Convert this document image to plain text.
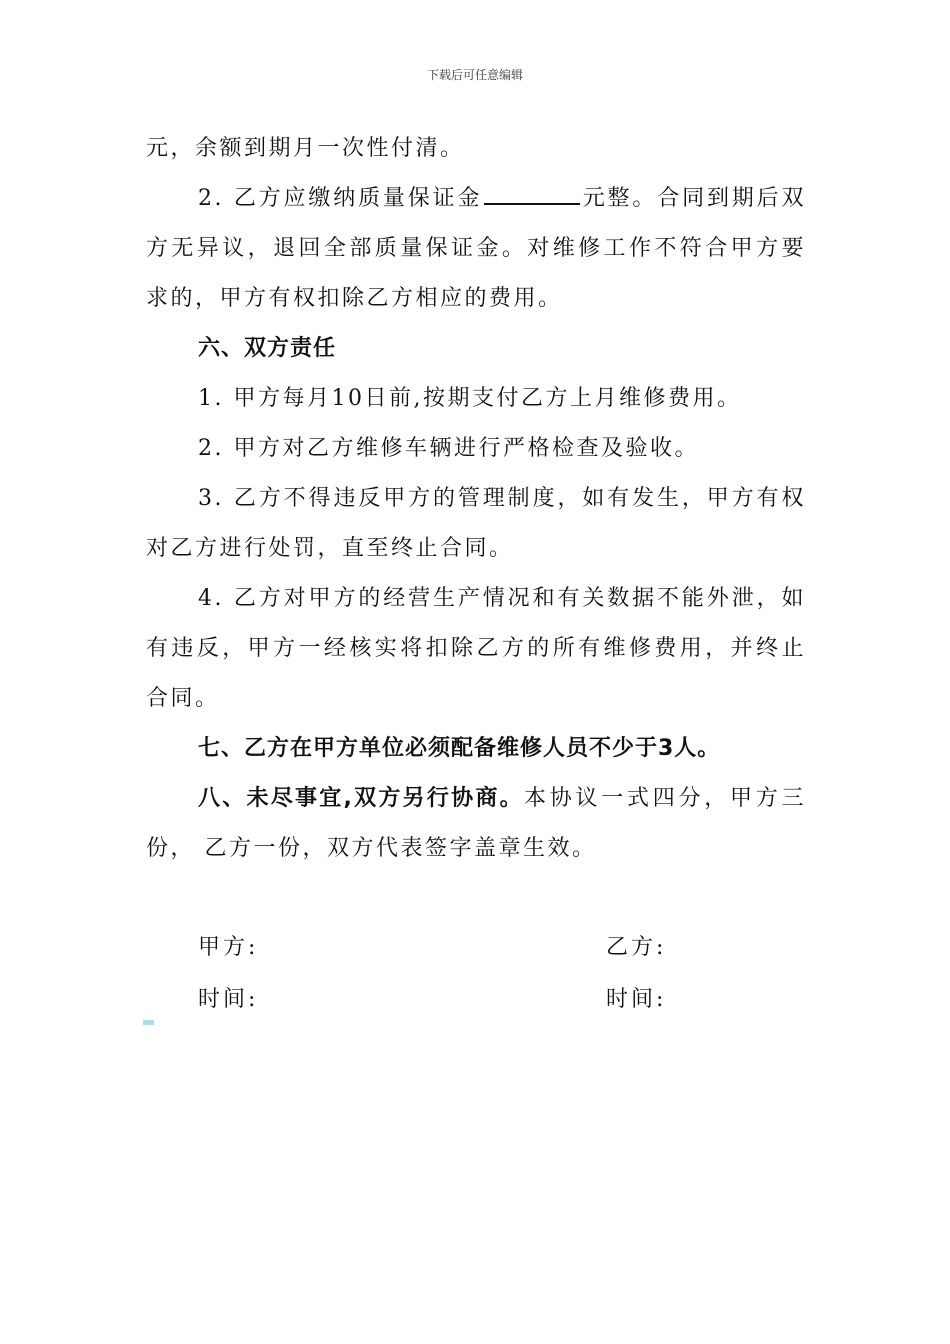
下载后可任意编辑

元，余额到期月一次性付清。

2. 乙方应缴纳质量保证金	元整。合同到期后双方无异议，退回全部质量保证金。对维修工作不符合甲方要求的，甲方有权扣除乙方相应的费用。

六、双方责任

1. 甲方每月10日前,按期支付乙方上月维修费用。

2. 甲方对乙方维修车辆进行严格检查及验收。

3. 乙方不得违反甲方的管理制度，如有发生，甲方有权对乙方进行处罚，直至终止合同。

4. 乙方对甲方的经营生产情况和有关数据不能外泄，如有违反，甲方一经核实将扣除乙方的所有维修费用，并终止合同。

七、乙方在甲方单位必须配备维修人员不少于3人。

八、未尽事宜,双方另行协商。本协议一式四分，甲方三份， 乙方一份，双方代表签字盖章生效。

甲方:	乙方:
时间:	时间:
